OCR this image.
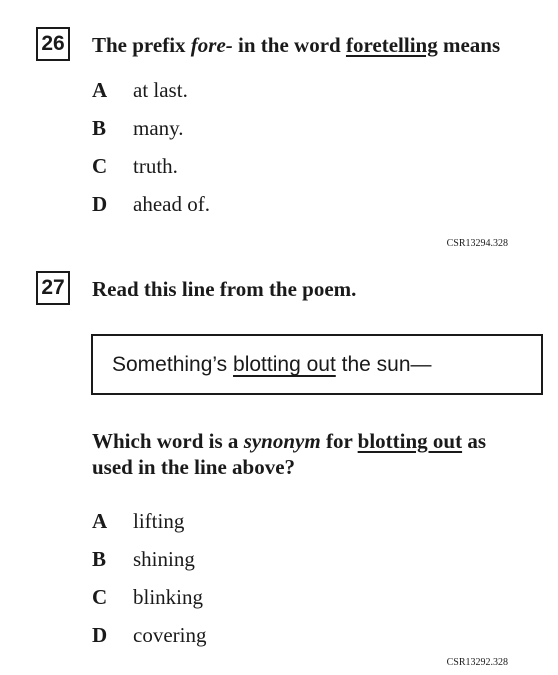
26 The prefix fore- in the word foretelling means
A at last.
B many.
C truth.
D ahead of.
CSR13294.328
27 Read this line from the poem.
Something’s blotting out the sun—
Which word is a synonym for blotting out as
used in the line above?
A lifting
B shining
C blinking
D covering
CSR13292.328
